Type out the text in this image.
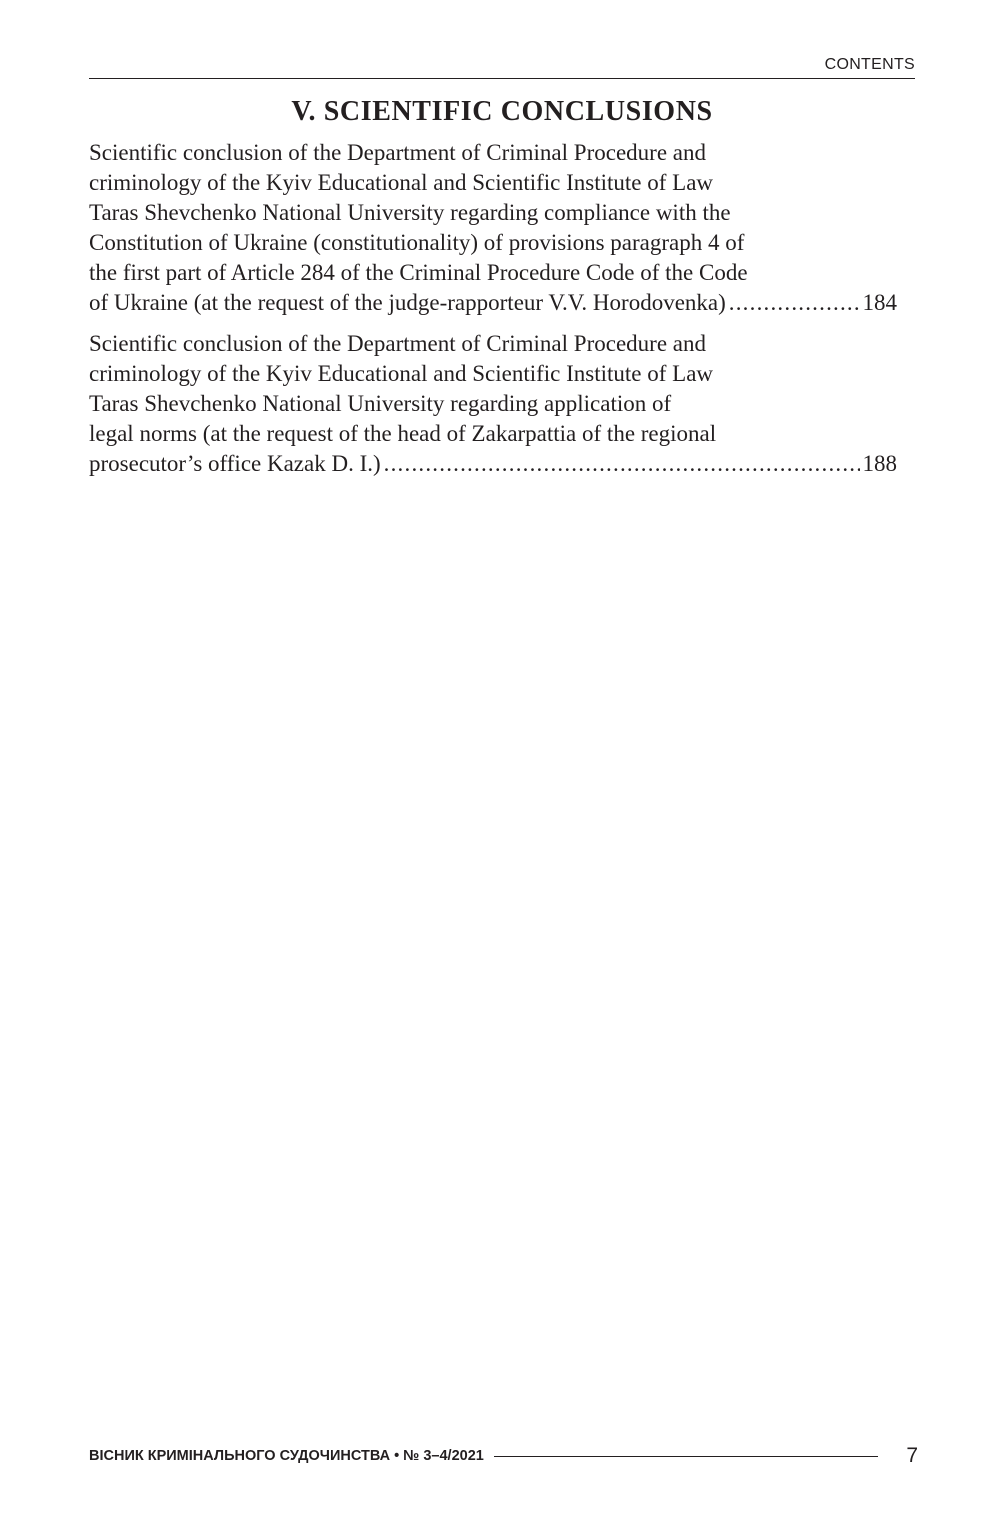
CONTENTS
V. SCIENTIFIC CONCLUSIONS
Scientific conclusion of the Department of Criminal Procedure and
criminology of the Kyiv Educational and Scientific Institute of Law
Taras Shevchenko National University regarding compliance with the
Constitution of Ukraine (constitutionality) of provisions paragraph 4 of
the first part of Article 284 of the Criminal Procedure Code of the Code
of Ukraine (at the request of the judge-rapporteur V.V. Horodovenka) .....	184
Scientific conclusion of the Department of Criminal Procedure and
criminology of the Kyiv Educational and Scientific Institute of Law
Taras Shevchenko National University regarding application of
legal norms (at the request of the head of Zakarpattia of the regional
prosecutor’s office Kazak D. I.) .....	188
ВІСНИК КРИМІНАЛЬНОГО СУДОЧИНСТВА • № 3–4/2021	7
